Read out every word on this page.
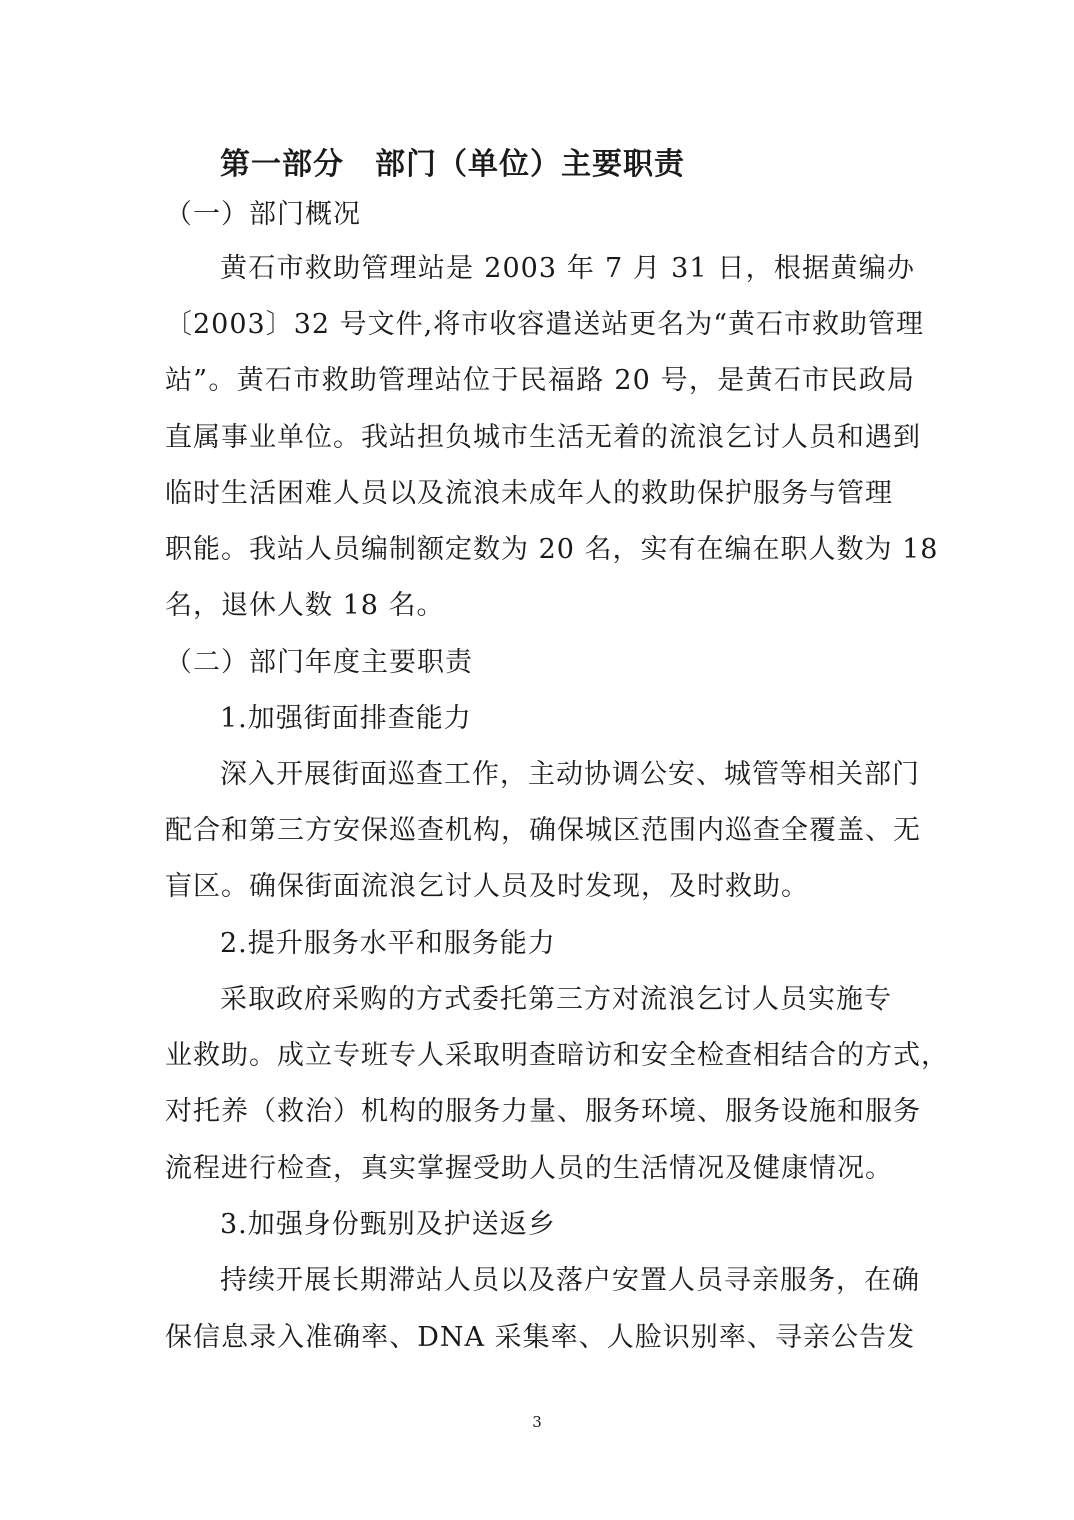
第一部分　部门（单位）主要职责
（一）部门概况
黄石市救助管理站是 2003 年 7 月 31 日，根据黄编办
〔2003〕32 号文件,将市收容遣送站更名为“黄石市救助管理
站”。黄石市救助管理站位于民福路 20 号，是黄石市民政局
直属事业单位。我站担负城市生活无着的流浪乞讨人员和遇到
临时生活困难人员以及流浪未成年人的救助保护服务与管理
职能。我站人员编制额定数为 20 名，实有在编在职人数为 18
名，退休人数 18 名。
（二）部门年度主要职责
1.加强街面排查能力
深入开展街面巡查工作，主动协调公安、城管等相关部门
配合和第三方安保巡查机构，确保城区范围内巡查全覆盖、无
盲区。确保街面流浪乞讨人员及时发现，及时救助。
2.提升服务水平和服务能力
采取政府采购的方式委托第三方对流浪乞讨人员实施专
业救助。成立专班专人采取明查暗访和安全检查相结合的方式，
对托养（救治）机构的服务力量、服务环境、服务设施和服务
流程进行检查，真实掌握受助人员的生活情况及健康情况。
3.加强身份甄别及护送返乡
持续开展长期滞站人员以及落户安置人员寻亲服务，在确
保信息录入准确率、DNA 采集率、人脸识别率、寻亲公告发
3
